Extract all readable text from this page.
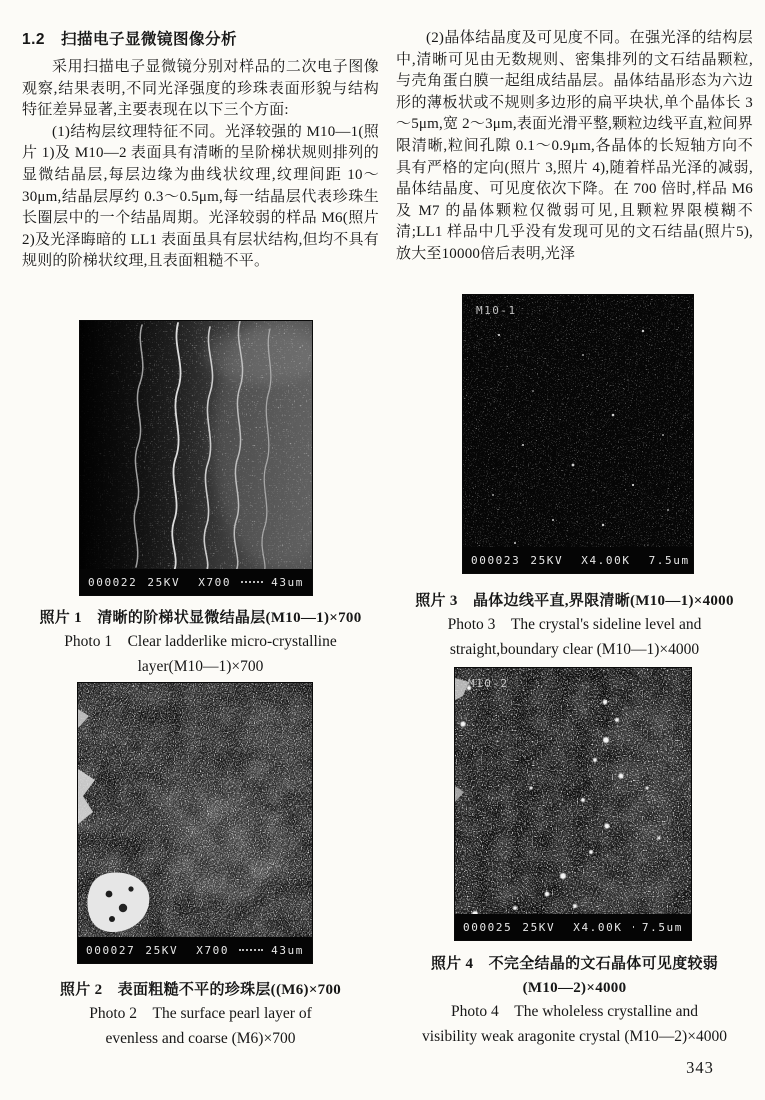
1.2　扫描电子显微镜图像分析

采用扫描电子显微镜分别对样品的二次电子图像观察,结果表明,不同光泽强度的珍珠表面形貌与结构特征差异显著,主要表现在以下三个方面:

(1)结构层纹理特征不同。光泽较强的 M10—1(照片 1)及 M10—2 表面具有清晰的呈阶梯状规则排列的显微结晶层,每层边缘为曲线状纹理,纹理间距 10～30μm,结晶层厚约 0.3～0.5μm,每一结晶层代表珍珠生长圈层中的一个结晶周期。光泽较弱的样品 M6(照片 2)及光泽晦暗的 LL1 表面虽具有层状结构,但均不具有规则的阶梯状纹理,且表面粗糙不平。

(2)晶体结晶度及可见度不同。在强光泽的结构层中,清晰可见由无数规则、密集排列的文石结晶颗粒,与壳角蛋白膜一起组成结晶层。晶体结晶形态为六边形的薄板状或不规则多边形的扁平块状,单个晶体长 3～5μm,宽 2～3μm,表面光滑平整,颗粒边线平直,粒间界限清晰,粒间孔隙 0.1～0.9μm,各晶体的长短轴方向不具有严格的定向(照片 3,照片 4),随着样品光泽的减弱,晶体结晶度、可见度依次下降。在 700 倍时,样品 M6 及 M7 的晶体颗粒仅微弱可见,且颗粒界限模糊不清;LL1 样品中几乎没有发现可见的文石结晶(照片5),放大至10000倍后表明,光泽

000022 25KV X700	43um
照片 1　清晰的阶梯状显微结晶层(M10—1)×700
Photo 1　Clear ladderlike micro-crystalline
layer(M10—1)×700
000027 25KV X700	43um
照片 2　表面粗糙不平的珍珠层((M6)×700
Photo 2　The surface pearl layer of
evenless and coarse (M6)×700
M10-1
000023 25KV X4.00K 7.5um
照片 3　晶体边线平直,界限清晰(M10—1)×4000
Photo 3　The crystal's sideline level and
straight,boundary clear (M10—1)×4000
M10-2
000025 25KV X4.00K 7.5um
照片 4　不完全结晶的文石晶体可见度较弱
(M10—2)×4000
Photo 4　The wholeless crystalline and
visibility weak aragonite crystal (M10—2)×4000
343
